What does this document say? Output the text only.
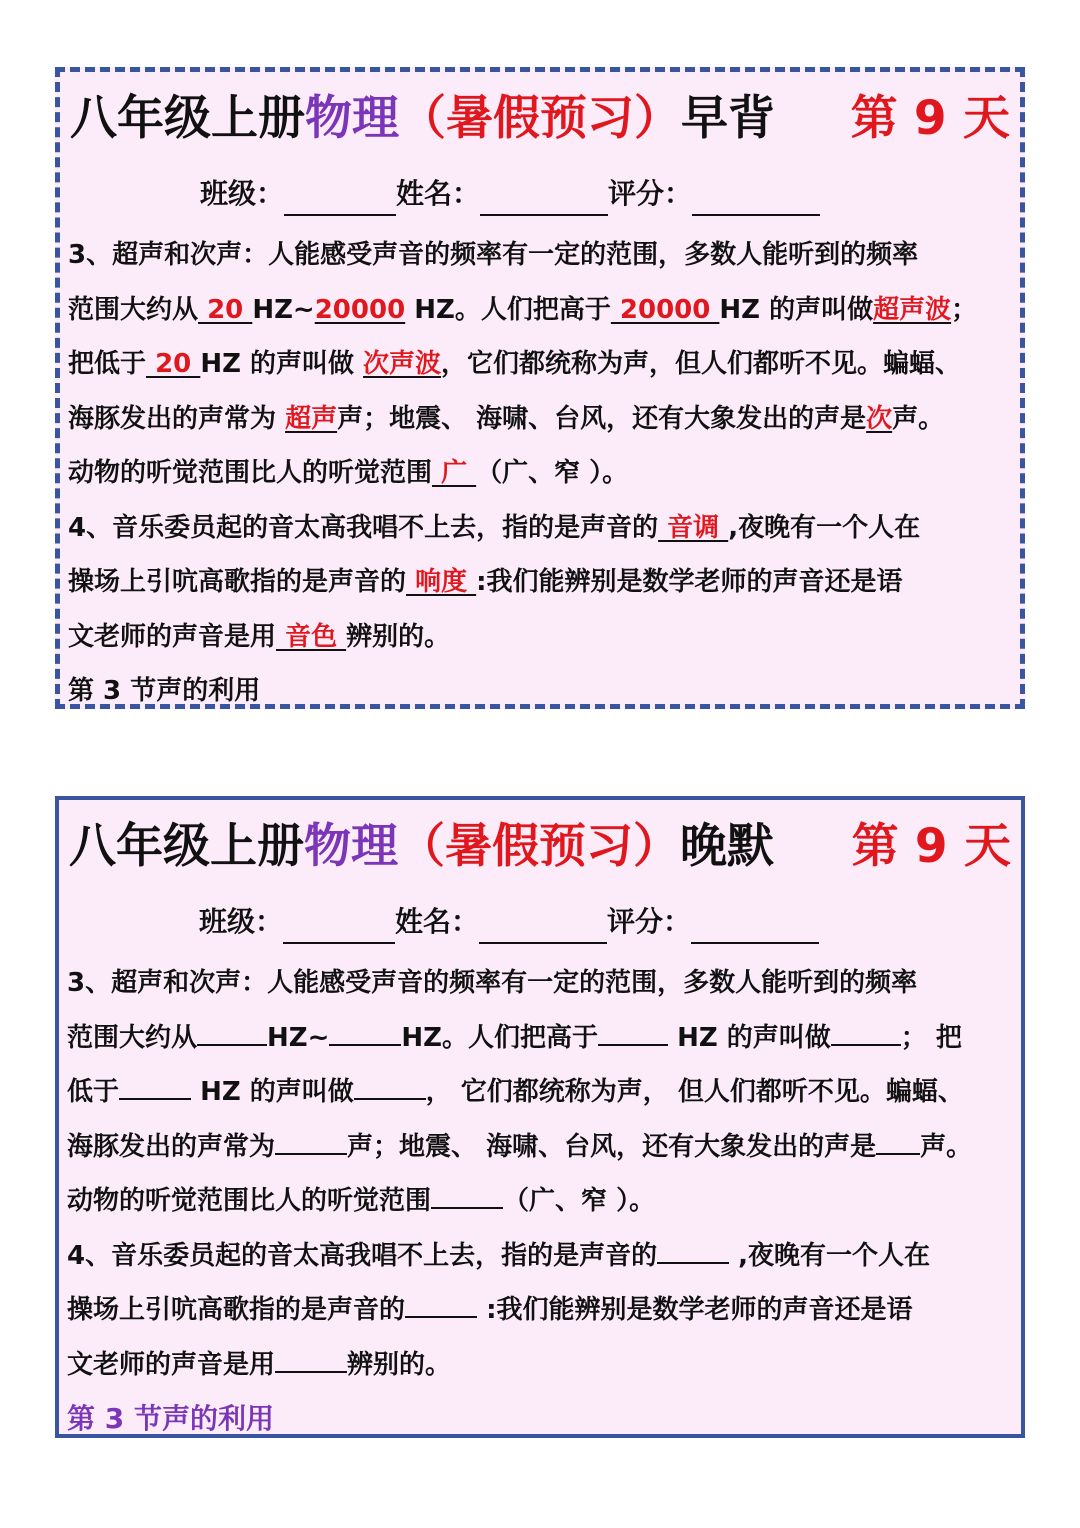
八年级上册物理（暑假预习）早背	第 9 天
班级：	姓名：	评分：
3、超声和次声：人能感受声音的频率有一定的范围，多数人能听到的频率
范围大约从 20 HZ~20000 HZ。人们把高于 20000 HZ 的声叫做超声波；
把低于 20 HZ 的声叫做 次声波，它们都统称为声，但人们都听不见。蝙蝠、
海豚发出的声常为 超声声；地震、 海啸、台风，还有大象发出的声是次声。
动物的听觉范围比人的听觉范围 广 （广、窄 ）。
4、音乐委员起的音太高我唱不上去，指的是声音的 音调 ,夜晚有一个人在
操场上引吭高歌指的是声音的 响度 :我们能辨别是数学老师的声音还是语
文老师的声音是用 音色 辨别的。
第 3 节声的利用
八年级上册物理（暑假预习）晚默	第 9 天
班级：	姓名：	评分：
3、超声和次声：人能感受声音的频率有一定的范围，多数人能听到的频率
范围大约从	HZ~	HZ。人们把高于	HZ 的声叫做	； 把
低于	HZ 的声叫做	， 它们都统称为声， 但人们都听不见。蝙蝠、
海豚发出的声常为	声；地震、 海啸、台风，还有大象发出的声是 声。
动物的听觉范围比人的听觉范围	（广、窄 ）。
4、音乐委员起的音太高我唱不上去，指的是声音的	,夜晚有一个人在
操场上引吭高歌指的是声音的	:我们能辨别是数学老师的声音还是语
文老师的声音是用	辨别的。
第 3 节声的利用
